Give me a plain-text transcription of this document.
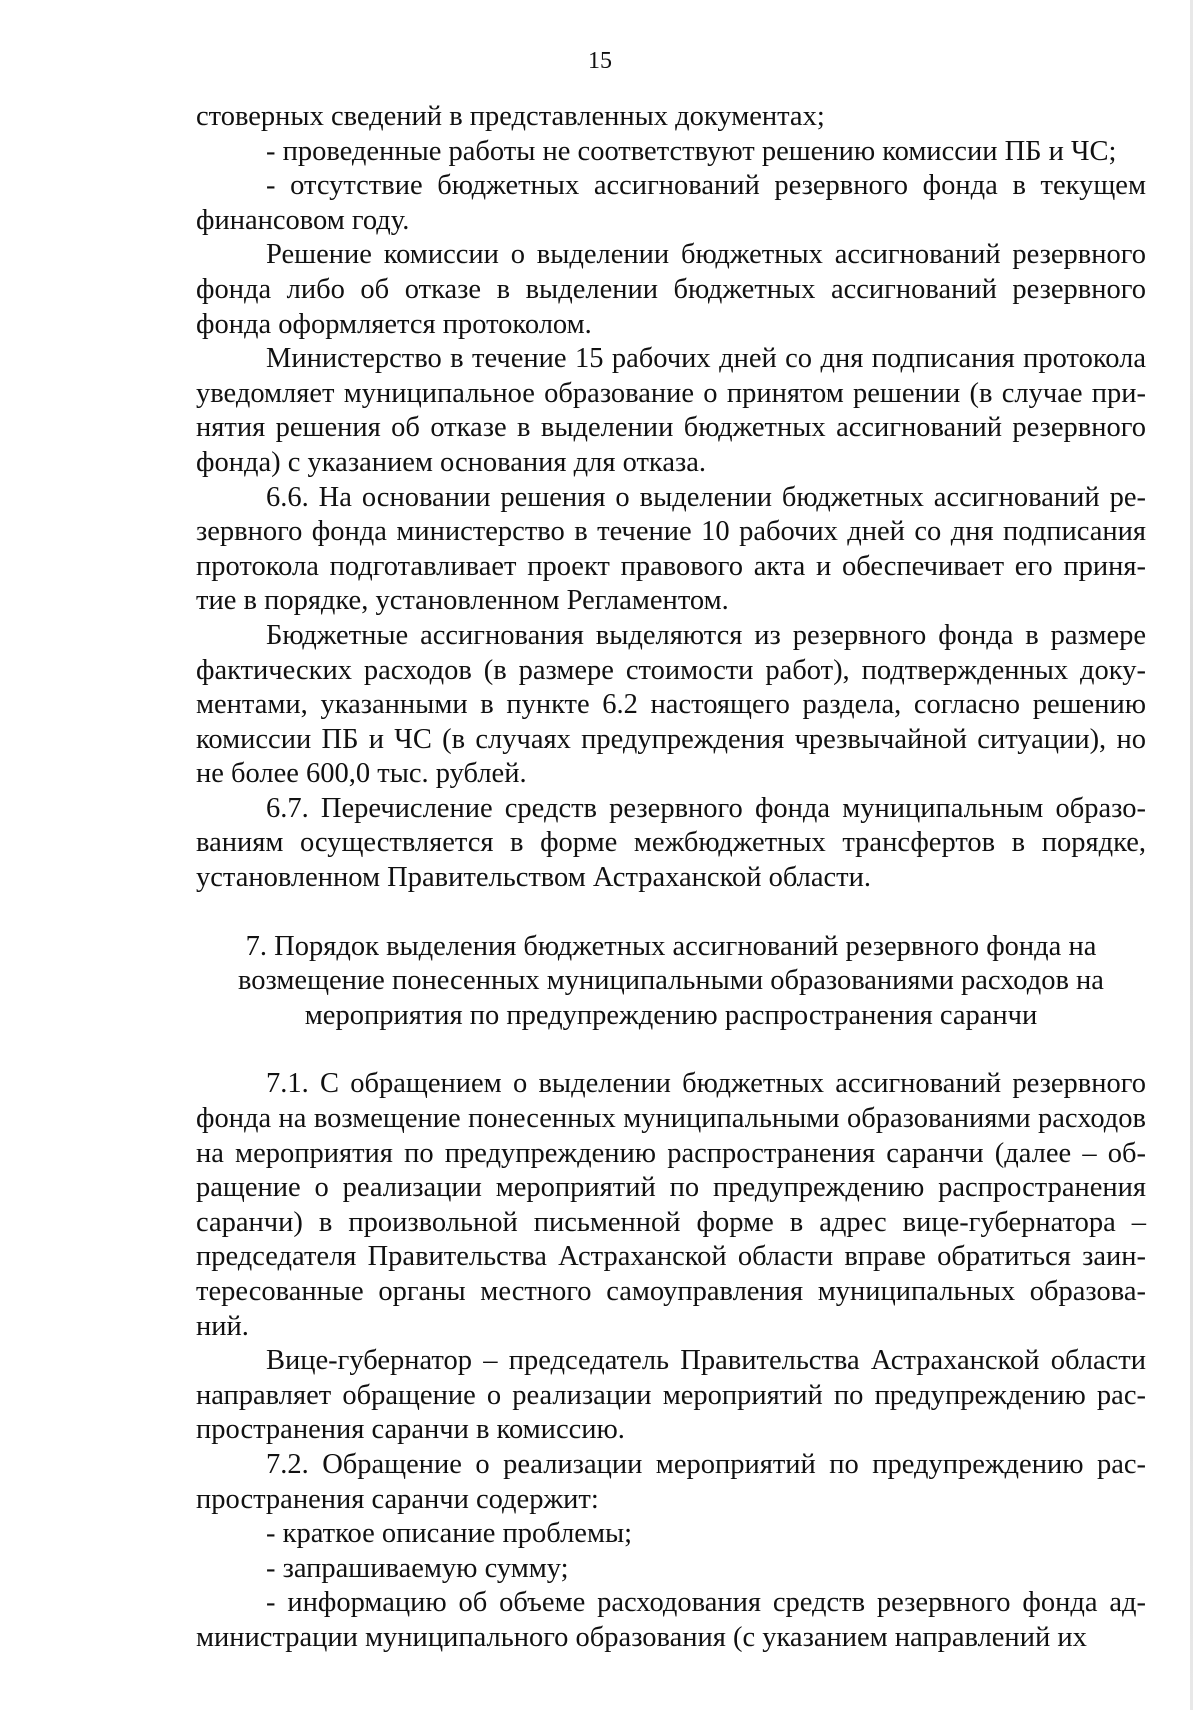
15

стоверных сведений в представленных документах;

- проведенные работы не соответствуют решению комиссии ПБ и ЧС;

- отсутствие бюджетных ассигнований резервного фонда в текущем финансовом году.

Решение комиссии о выделении бюджетных ассигнований резервного фонда либо об отказе в выделении бюджетных ассигнований резервного фонда оформляется протоколом.

Министерство в течение 15 рабочих дней со дня подписания протокола уведомляет муниципальное образование о принятом решении (в случае принятия решения об отказе в выделении бюджетных ассигнований резервного фонда) с указанием основания для отказа.

6.6. На основании решения о выделении бюджетных ассигнований резервного фонда министерство в течение 10 рабочих дней со дня подписания протокола подготавливает проект правового акта и обеспечивает его принятие в порядке, установленном Регламентом.

Бюджетные ассигнования выделяются из резервного фонда в размере фактических расходов (в размере стоимости работ), подтвержденных документами, указанными в пункте 6.2 настоящего раздела, согласно решению комиссии ПБ и ЧС (в случаях предупреждения чрезвычайной ситуации), но не более 600,0 тыс. рублей.

6.7. Перечисление средств резервного фонда муниципальным образованиям осуществляется в форме межбюджетных трансфертов в порядке, установленном Правительством Астраханской области.

7. Порядок выделения бюджетных ассигнований резервного фонда на возмещение понесенных муниципальными образованиями расходов на мероприятия по предупреждению распространения саранчи

7.1. С обращением о выделении бюджетных ассигнований резервного фонда на возмещение понесенных муниципальными образованиями расходов на мероприятия по предупреждению распространения саранчи (далее – обращение о реализации мероприятий по предупреждению распространения саранчи) в произвольной письменной форме в адрес вице-губернатора – председателя Правительства Астраханской области вправе обратиться заинтересованные органы местного самоуправления муниципальных образований.

Вице-губернатор – председатель Правительства Астраханской области направляет обращение о реализации мероприятий по предупреждению распространения саранчи в комиссию.

7.2. Обращение о реализации мероприятий по предупреждению распространения саранчи содержит:

- краткое описание проблемы;

- запрашиваемую сумму;

- информацию об объеме расходования средств резервного фонда администрации муниципального образования (с указанием направлений их
